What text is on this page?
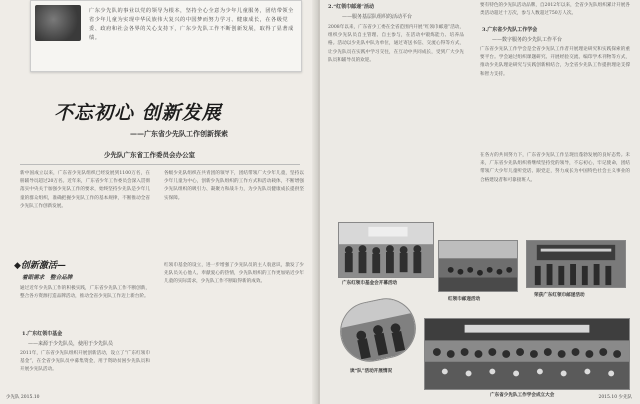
广东少先队的事业以党的领导为根本，坚持全心全意为少年儿童服务，团结带领全省少年儿童为实现中华民族伟大复兴的中国梦而努力学习、健康成长，在各级党委、政府和社会各界的关心支持下，广东少先队工作不断创新发展，取得了显著成绩。
不忘初心 创新发展
——广东省少先队工作创新探索
少先队广东省工作委员会办公室
新中国成立以来，广东省少先队组织已经发展到1100万名，在册辅导员超过20万名。近年来，广东省少年工作委员会深入贯彻落实中央关于加强少先队工作的要求，始终坚持少先队是少年儿童的群众组织，准确把握少先队工作的基本规律，不断推动全省少先队工作创新发展。
各级少先队组织在共青团的领导下，团结带领广大少年儿童，坚持以少年儿童为中心，创新少先队组织的工作方式和活动载体，不断增强少先队组织的吸引力、凝聚力和战斗力，为少先队员健康成长提供坚实保障。
◆创新激活—
着眼需求　整合品牌
通过近年少先队工作的积极实践，广东省少先队工作不断创新，整合各方资源打造品牌活动，推动全省少先队工作迈上新台阶。
1.广东红领巾基金
——来源于少先队员，使用于少先队员
2011年，广东省少先队组织开展创新活动，设立了“广东红领巾基金”，在全省少先队员中募集资金，用于资助贫困少先队员和开展少先队活动。
红领巾基金的设立，进一步增强了少先队员的主人翁意识，激发了少先队员关心他人、奉献爱心的热情，少先队组织的工作更加贴近少年儿童的实际需求，少先队工作不断取得新的成效。
少先队 2015.10
2.“红领巾邮递”活动
——服务基层队组织的活动平台
2008年以来，广东省少工委在全省范围内开展“红领巾邮递”活动，组织少先队员自主管理、自主参与，在活动中锻炼能力、培养品格。活动以少先队中队为单位，通过寄送书信、交流心得等方式，让少先队员在实践中学习交往，在互动中共同成长，受到广大少先队员和辅导员的欢迎。
要有特色的少先队活动品牌，自2012年以来，全省少先队组织累计开展各类活动超过十万次，参与人数超过750万人次。
3.广东省少先队工作学会
——数字服务的少先队工作平台
广东省少先队工作学会是全省少先队工作者开展理论研究和实践探索的重要平台。学会通过组织课题研究、开展经验交流、编印学术刊物等方式，推动少先队理论研究与实践创新相结合，为全省少先队工作提供理论支撑和智力支持。
在各方的共同努力下，广东省少先队工作呈现出蓬勃发展的良好态势。未来，广东省少先队组织将继续坚持党的领导，不忘初心，牢记使命，团结带领广大少年儿童听党话、跟党走，努力成长为中国特色社会主义事业的合格建设者和可靠接班人。
广东红领巾基金会开幕活动
红领巾邮递活动
荣获广东红领巾邮递活动
读“队”活动开展情况
广东省少先队工作学会成立大会	2015.10 少先队
